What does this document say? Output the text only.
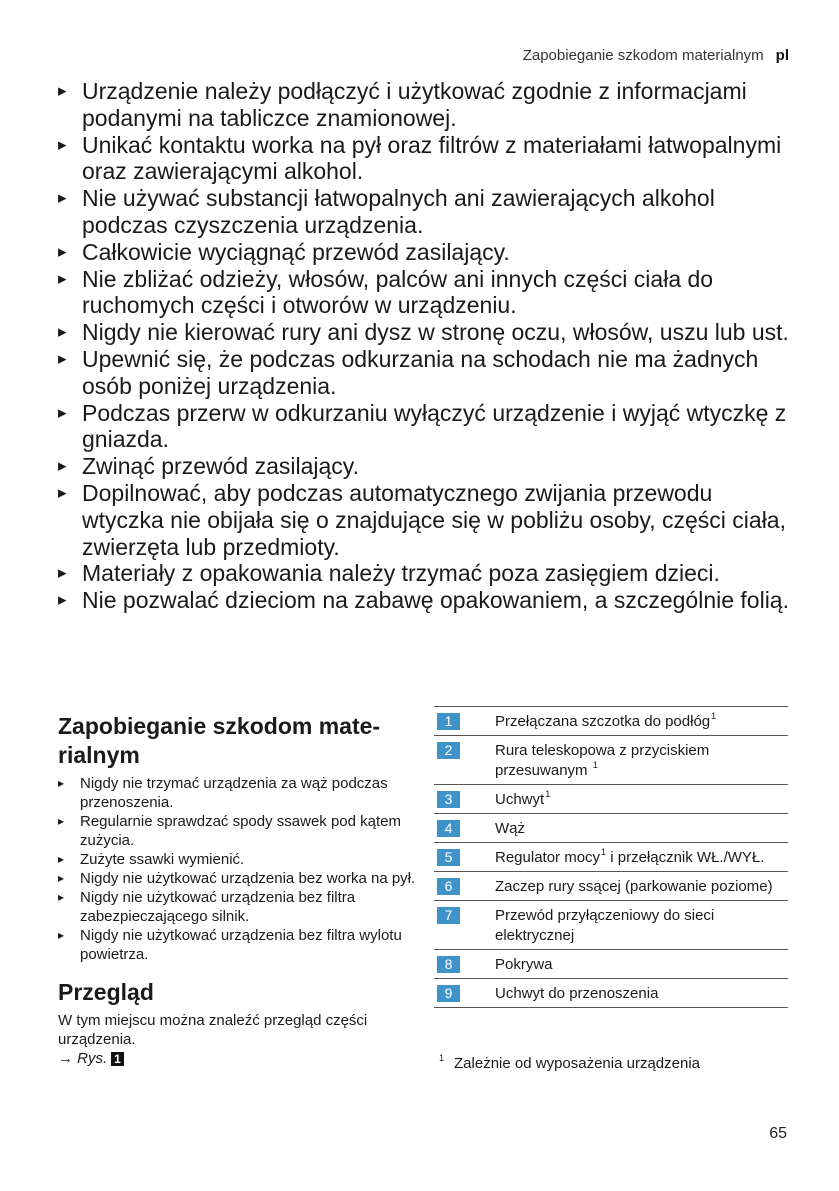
Zapobieganie szkodom materialnym pl
▸ Urządzenie należy podłączyć i użytkować zgodnie z informacjami podanymi na tabliczce znamionowej.
▸ Unikać kontaktu worka na pył oraz filtrów z materiałami łatwopalnymi oraz zawierającymi alkohol.
▸ Nie używać substancji łatwopalnych ani zawierających alkohol podczas czyszczenia urządzenia.
▸ Całkowicie wyciągnąć przewód zasilający.
▸ Nie zbliżać odzieży, włosów, palców ani innych części ciała do ruchomych części i otworów w urządzeniu.
▸ Nigdy nie kierować rury ani dysz w stronę oczu, włosów, uszu lub ust.
▸ Upewnić się, że podczas odkurzania na schodach nie ma żadnych osób poniżej urządzenia.
▸ Podczas przerw w odkurzaniu wyłączyć urządzenie i wyjąć wtyczkę z gniazda.
▸ Zwinąć przewód zasilający.
▸ Dopilnować, aby podczas automatycznego zwijania przewodu wtyczka nie obijała się o znajdujące się w pobliżu osoby, części ciała, zwierzęta lub przedmioty.
▸ Materiały z opakowania należy trzymać poza zasięgiem dzieci.
▸ Nie pozwalać dzieciom na zabawę opakowaniem, a szczególnie folią.
Zapobieganie szkodom materialnym
▸ Nigdy nie trzymać urządzenia za wąż podczas przenoszenia.
▸ Regularnie sprawdzać spody ssawek pod kątem zużycia.
▸ Zużyte ssawki wymienić.
▸ Nigdy nie użytkować urządzenia bez worka na pył.
▸ Nigdy nie użytkować urządzenia bez filtra zabezpieczającego silnik.
▸ Nigdy nie użytkować urządzenia bez filtra wylotu powietrza.
Przegląd

W tym miejscu można znaleźć przegląd części urządzenia.

→ Rys. 1
1	Przełączana szczotka do podłóg$^1$
2	Rura teleskopowa z przyciskiem przesuwanym $^1$
3	Uchwyt$^1$
4	Wąż
5	Regulator mocy$^1$ i przełącznik WŁ./WYŁ.
6	Zaczep rury ssącej (parkowanie poziome)
7	Przewód przyłączeniowy do sieci elektrycznej
8	Pokrywa
9	Uchwyt do przenoszenia
$^1$ Zależnie od wyposażenia urządzenia
65
